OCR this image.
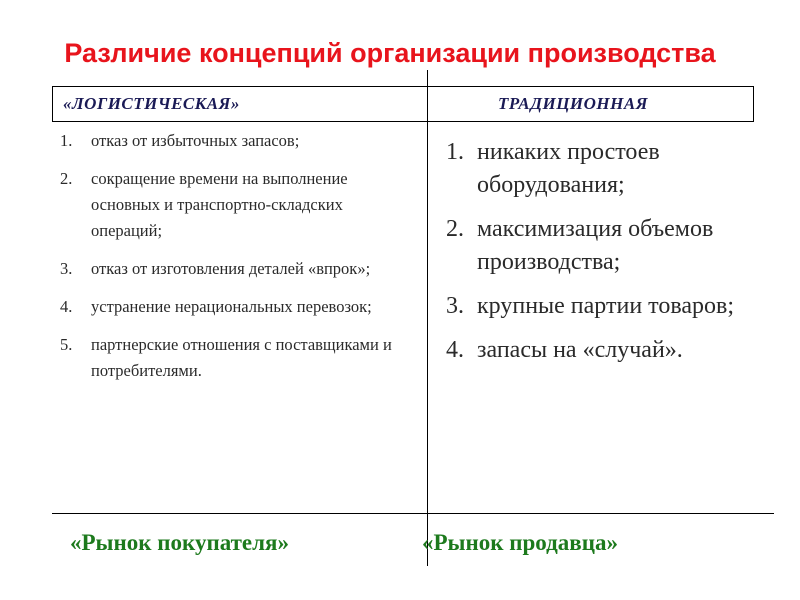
Различие концепций организации производства
«ЛОГИСТИЧЕСКАЯ»	ТРАДИЦИОННАЯ
1. отказ от избыточных запасов;
2. сокращение времени на выполнение основных и транспортно-складских операций;
3. отказ от изготовления деталей «впрок»;
4. устранение нерациональных перевозок;
5. партнерские отношения с поставщиками и потребителями.
1. никаких простоев оборудования;
2. максимизация объемов производства;
3. крупные партии товаров;
4. запасы на «случай».
«Рынок покупателя»	«Рынок продавца»
